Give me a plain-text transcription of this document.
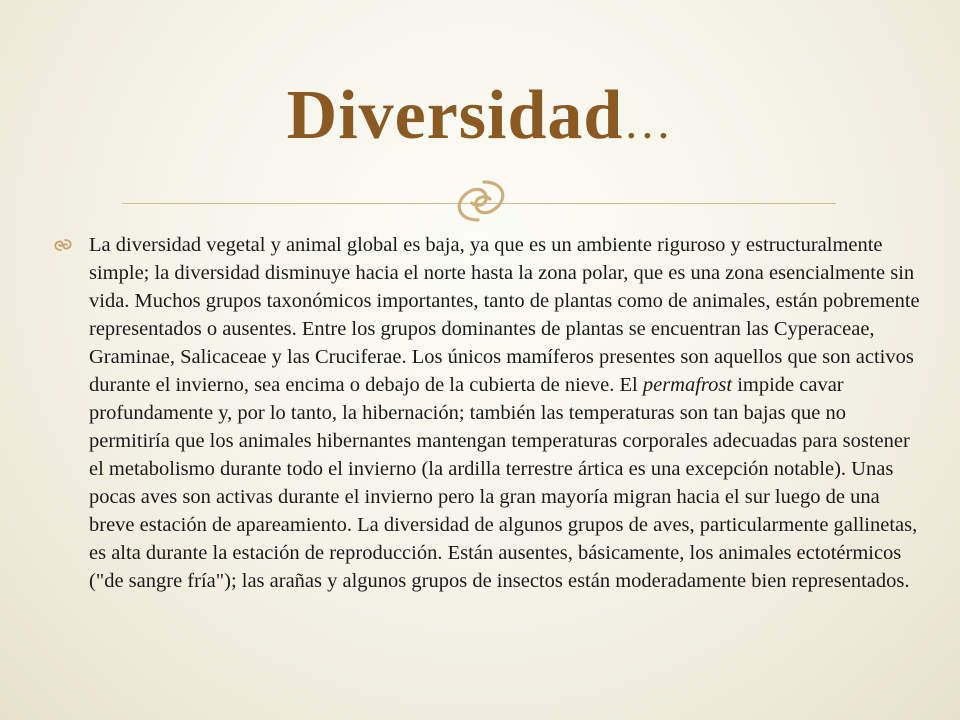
Diversidad…
La diversidad vegetal y animal global es baja, ya que es un ambiente riguroso y estructuralmente simple; la diversidad disminuye hacia el norte hasta la zona polar, que es una zona esencialmente sin vida. Muchos grupos taxonómicos importantes, tanto de plantas como de animales, están pobremente representados o ausentes. Entre los grupos dominantes de plantas se encuentran las Cyperaceae, Graminae, Salicaceae y las Cruciferae. Los únicos mamíferos presentes son aquellos que son activos durante el invierno, sea encima o debajo de la cubierta de nieve. El permafrost impide cavar profundamente y, por lo tanto, la hibernación; también las temperaturas son tan bajas que no permitiría que los animales hibernantes mantengan temperaturas corporales adecuadas para sostener el metabolismo durante todo el invierno (la ardilla terrestre ártica es una excepción notable). Unas pocas aves son activas durante el invierno pero la gran mayoría migran hacia el sur luego de una breve estación de apareamiento. La diversidad de algunos grupos de aves, particularmente gallinetas, es alta durante la estación de reproducción. Están ausentes, básicamente, los animales ectotérmicos ("de sangre fría"); las arañas y algunos grupos de insectos están moderadamente bien representados.
